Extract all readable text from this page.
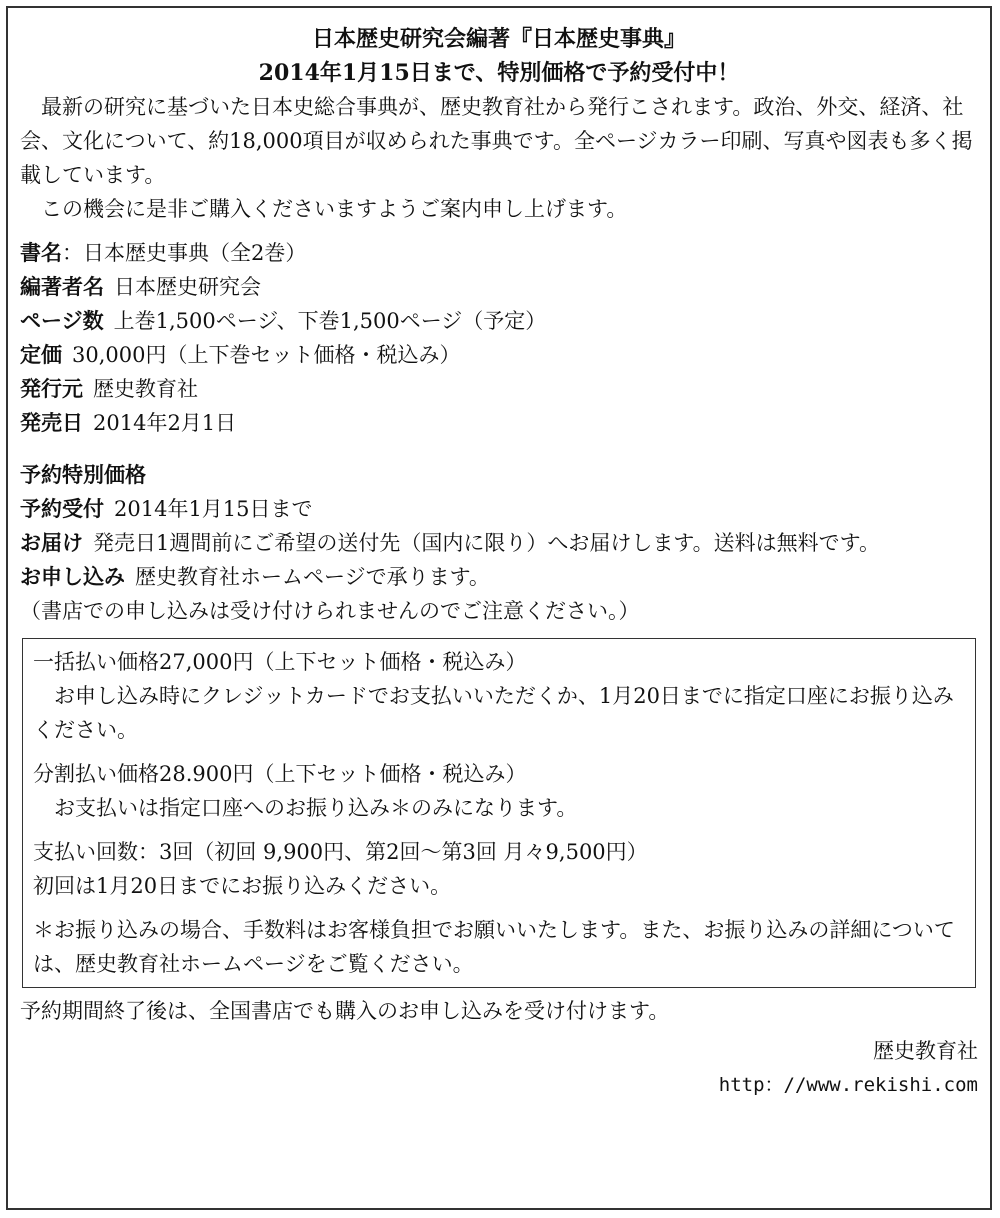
日本歴史研究会編著『日本歴史事典』
2014年1月15日まで、特別価格で予約受付中！

最新の研究に基づいた日本史総合事典が、歴史教育社から発行こされます。政治、外交、経済、社会、文化について、約18,000項目が収められた事典です。全ページカラー印刷、写真や図表も多く掲載しています。

この機会に是非ご購入くださいますようご案内申し上げます。

書名：日本歴史事典（全2巻）

編著者名 日本歴史研究会

ページ数 上巻1,500ページ、下巻1,500ページ（予定）

定価 30,000円（上下巻セット価格・税込み）

発行元 歴史教育社

発売日 2014年2月1日

予約特別価格

予約受付 2014年1月15日まで

お届け 発売日1週間前にご希望の送付先（国内に限り）へお届けします。送料は無料です。

お申し込み 歴史教育社ホームページで承ります。

（書店での申し込みは受け付けられませんのでご注意ください。）

一括払い価格27,000円（上下セット価格・税込み）

お申し込み時にクレジットカードでお支払いいただくか、1月20日までに指定口座にお振り込みください。

分割払い価格28.900円（上下セット価格・税込み）

お支払いは指定口座へのお振り込み＊のみになります。

支払い回数：3回（初回 9,900円、第2回～第3回 月々9,500円）

初回は1月20日までにお振り込みください。

＊お振り込みの場合、手数料はお客様負担でお願いいたします。また、お振り込みの詳細については、歴史教育社ホームページをご覧ください。

予約期間終了後は、全国書店でも購入のお申し込みを受け付けます。

歴史教育社

http：//www.rekishi.com
